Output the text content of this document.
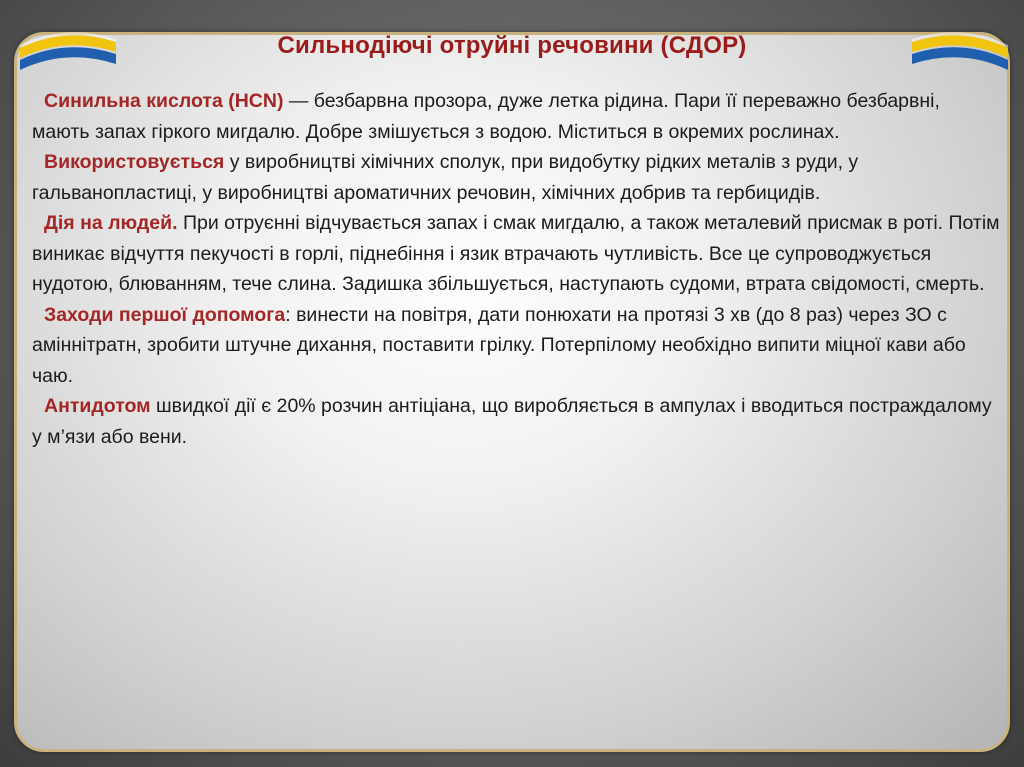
Сильнодіючі отруйні речовини (СДОР)

Синильна кислота (HCN) — безбарвна прозора, дуже летка рідина. Пари її переважно безбарвні, мають запах гіркого мигдалю. Добре змішується з водою. Міститься в окремих рослинах.

Використовується у виробництві хімічних сполук, при видобутку рідких металів з руди, у гальванопластиці, у виробництві ароматичних речовин, хімічних добрив та гербицидів.

Дія на людей. При отруєнні відчувається запах і смак мигдалю, а також металевий присмак в роті. Потім виникає відчуття пекучості в горлі, піднебіння і язик втрачають чутливість. Все це супроводжується нудотою, блюванням, тече слина. Задишка збільшується, наступають судоми, втрата свідомості, смерть.

Заходи першої допомога: винести на повітря, дати понюхати на протязі 3 хв (до 8 раз) через ЗО с аміннітратн, зробити штучне дихання, поставити грілку. Потерпілому необхідно випити міцної кави або чаю.

Антидотом швидкої дії є 20% розчин антіціана, що виробляється в ампулах і вводиться постраждалому у м’язи або вени.
